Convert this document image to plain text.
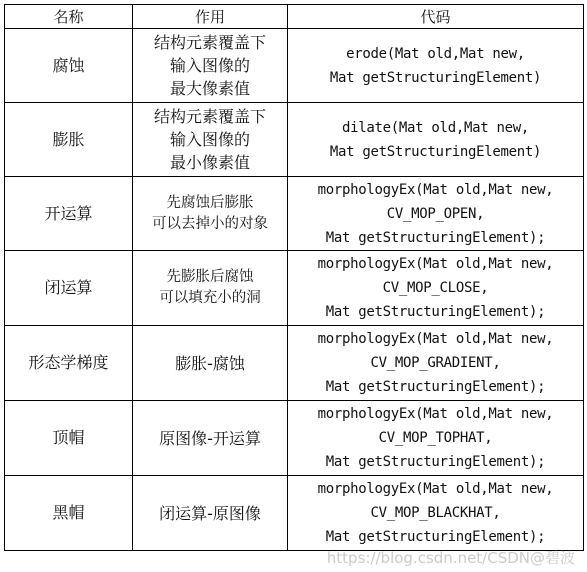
名称	作用	代码
腐蚀	结构元素覆盖下
输入图像的
最大像素值	erode(Mat old,Mat new,
Mat getStructuringElement)

膨胀	结构元素覆盖下
输入图像的
最小像素值	dilate(Mat old,Mat new,
Mat getStructuringElement)

开运算	先腐蚀后膨胀
可以去掉小的对象	morphologyEx(Mat old,Mat new,
CV_MOP_OPEN,
Mat getStructuringElement);

闭运算	先膨胀后腐蚀
可以填充小的洞	morphologyEx(Mat old,Mat new,
CV_MOP_CLOSE,
Mat getStructuringElement);

形态学梯度	膨胀-腐蚀	morphologyEx(Mat old,Mat new,
CV_MOP_GRADIENT,
Mat getStructuringElement);

顶帽	原图像-开运算	morphologyEx(Mat old,Mat new,
CV_MOP_TOPHAT,
Mat getStructuringElement);

黑帽	闭运算-原图像	morphologyEx(Mat old,Mat new,
CV_MOP_BLACKHAT,
Mat getStructuringElement);
https://blog.csdn.net/CSDN@碧波
